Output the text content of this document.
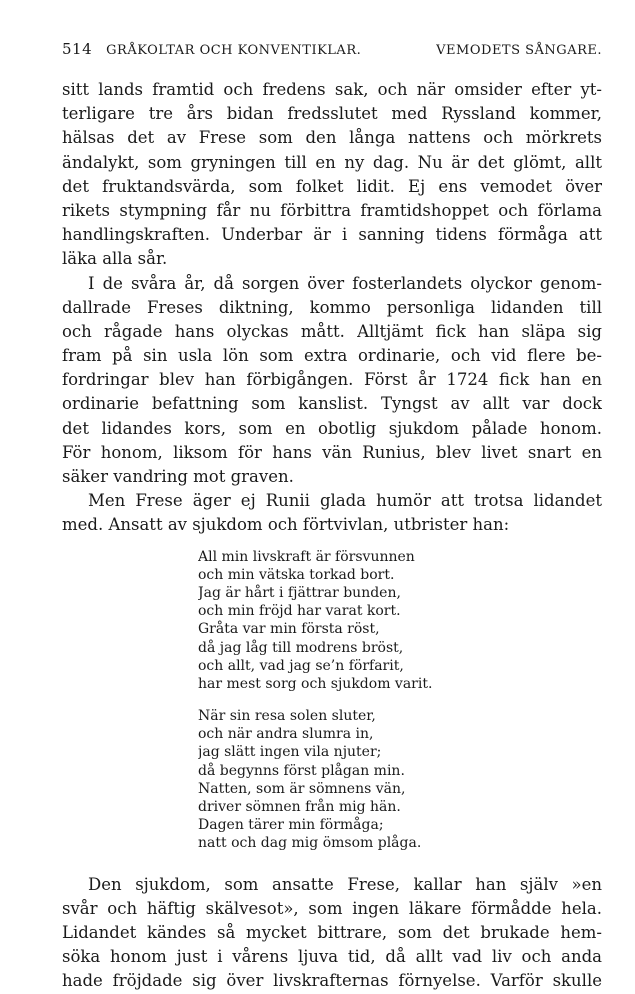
514 GRÅKOLTAR OCH KONVENTIKLAR.	VEMODETS SÅNGARE.
sitt lands framtid och fredens sak, och när omsider efter yt-
terligare tre års bidan fredsslutet med Ryssland kommer,
hälsas det av Frese som den långa nattens och mörkrets
ändalykt, som gryningen till en ny dag. Nu är det glömt, allt
det fruktandsvärda, som folket lidit. Ej ens vemodet över
rikets stympning får nu förbittra framtidshoppet och förlama
handlingskraften. Underbar är i sanning tidens förmåga att
läka alla sår.
I de svåra år, då sorgen över fosterlandets olyckor genom-
dallrade Freses diktning, kommo personliga lidanden till
och rågade hans olyckas mått. Alltjämt fick han släpa sig
fram på sin usla lön som extra ordinarie, och vid flere be-
fordringar blev han förbigången. Först år 1724 fick han en
ordinarie befattning som kanslist. Tyngst av allt var dock
det lidandes kors, som en obotlig sjukdom pålade honom.
För honom, liksom för hans vän Runius, blev livet snart en
säker vandring mot graven.
Men Frese äger ej Runii glada humör att trotsa lidandet
med. Ansatt av sjukdom och förtvivlan, utbrister han:
All min livskraft är försvunnen
och min vätska torkad bort.
Jag är hårt i fjättrar bunden,
och min fröjd har varat kort.
Gråta var min första röst,
då jag låg till modrens bröst,
och allt, vad jag se’n förfarit,
har mest sorg och sjukdom varit.
När sin resa solen sluter,
och när andra slumra in,
jag slätt ingen vila njuter;
då begynns först plågan min.
Natten, som är sömnens vän,
driver sömnen från mig hän.
Dagen tärer min förmåga;
natt och dag mig ömsom plåga.
Den sjukdom, som ansatte Frese, kallar han själv »en
svår och häftig skälvesot», som ingen läkare förmådde hela.
Lidandet kändes så mycket bittrare, som det brukade hem-
söka honom just i vårens ljuva tid, då allt vad liv och anda
hade fröjdade sig över livskrafternas förnyelse. Varför skulle
